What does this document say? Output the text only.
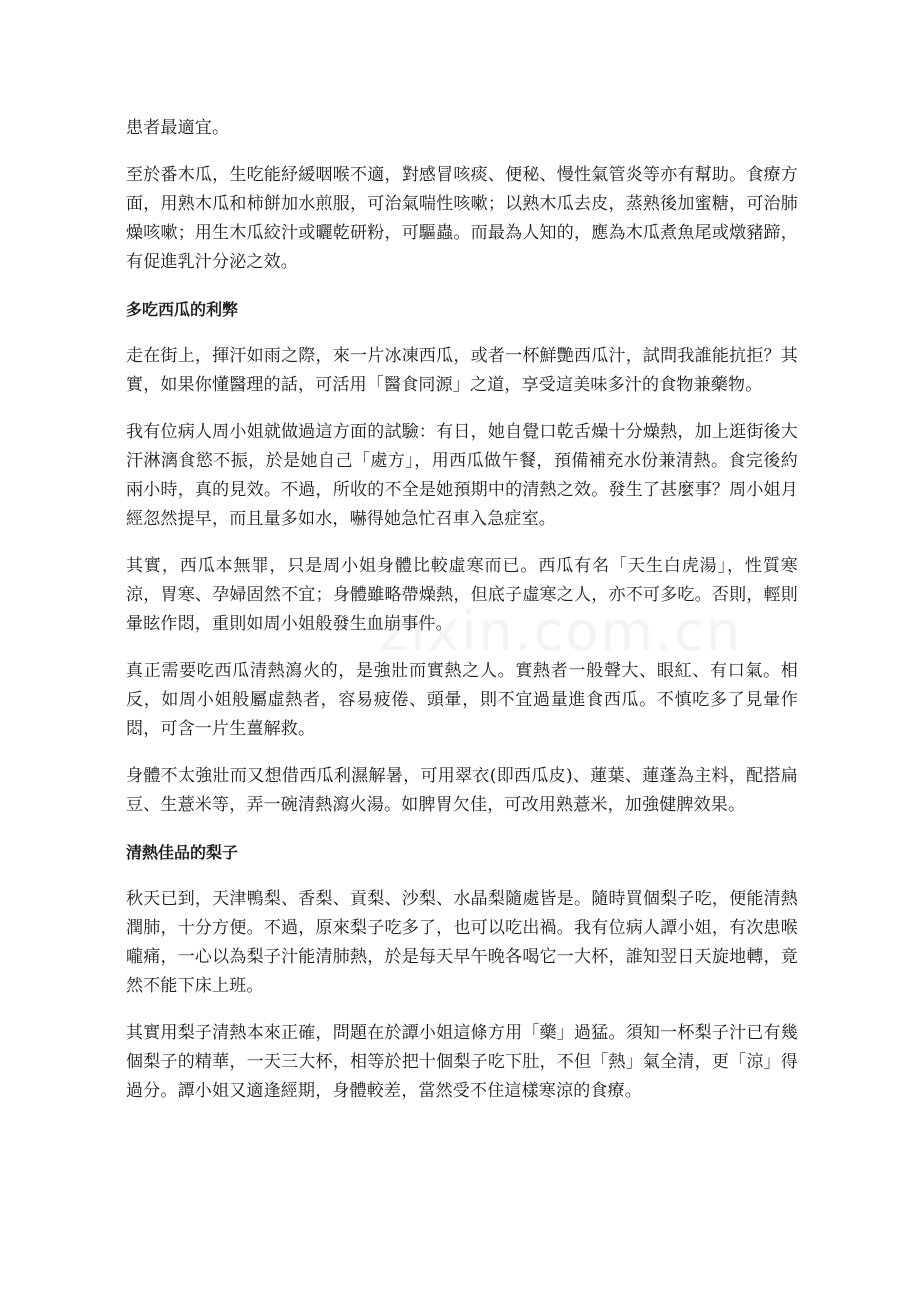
患者最適宜。

至於番木瓜，生吃能紓緩咽喉不適，對感冒咳痰、便秘、慢性氣管炎等亦有幫助。食療方面，用熟木瓜和柿餅加水煎服，可治氣喘性咳嗽；以熟木瓜去皮，蒸熟後加蜜糖，可治肺燥咳嗽；用生木瓜絞汁或曬乾研粉，可驅蟲。而最為人知的，應為木瓜煮魚尾或燉豬蹄，有促進乳汁分泌之效。

多吃西瓜的利弊

走在街上，揮汗如雨之際，來一片冰凍西瓜，或者一杯鮮艷西瓜汁，試問我誰能抗拒？其實，如果你懂醫理的話，可活用「醫食同源」之道，享受這美味多汁的食物兼藥物。

我有位病人周小姐就做過這方面的試驗：有日，她自覺口乾舌燥十分燥熱，加上逛街後大汗淋漓食慾不振，於是她自己「處方」，用西瓜做午餐，預備補充水份兼清熱。食完後約兩小時，真的見效。不過，所收的不全是她預期中的清熱之效。發生了甚麼事？周小姐月經忽然提早，而且量多如水，嚇得她急忙召車入急症室。

其實，西瓜本無罪，只是周小姐身體比較虛寒而已。西瓜有名「天生白虎湯」，性質寒涼，胃寒、孕婦固然不宜；身體雖略帶燥熱，但底子虛寒之人，亦不可多吃。否則，輕則暈眩作悶，重則如周小姐般發生血崩事件。

真正需要吃西瓜清熱瀉火的，是強壯而實熱之人。實熱者一般聲大、眼紅、有口氣。相反，如周小姐般屬虛熱者，容易疲倦、頭暈，則不宜過量進食西瓜。不慎吃多了見暈作悶，可含一片生薑解救。

身體不太強壯而又想借西瓜利濕解暑，可用翠衣(即西瓜皮)、蓮葉、蓮蓬為主料，配搭扁豆、生薏米等，弄一碗清熱瀉火湯。如脾胃欠佳，可改用熟薏米，加強健脾效果。

清熱佳品的梨子

秋天已到，天津鴨梨、香梨、貢梨、沙梨、水晶梨隨處皆是。隨時買個梨子吃，便能清熱潤肺，十分方便。不過，原來梨子吃多了，也可以吃出禍。我有位病人譚小姐，有次患喉嚨痛，一心以為梨子汁能清肺熱，於是每天早午晚各喝它一大杯，誰知翌日天旋地轉，竟然不能下床上班。

其實用梨子清熱本來正確，問題在於譚小姐這條方用「藥」過猛。須知一杯梨子汁已有幾個梨子的精華，一天三大杯，相等於把十個梨子吃下肚，不但「熱」氣全清，更「涼」得過分。譚小姐又適逢經期，身體較差，當然受不住這樣寒涼的食療。

zixin.com.cn
